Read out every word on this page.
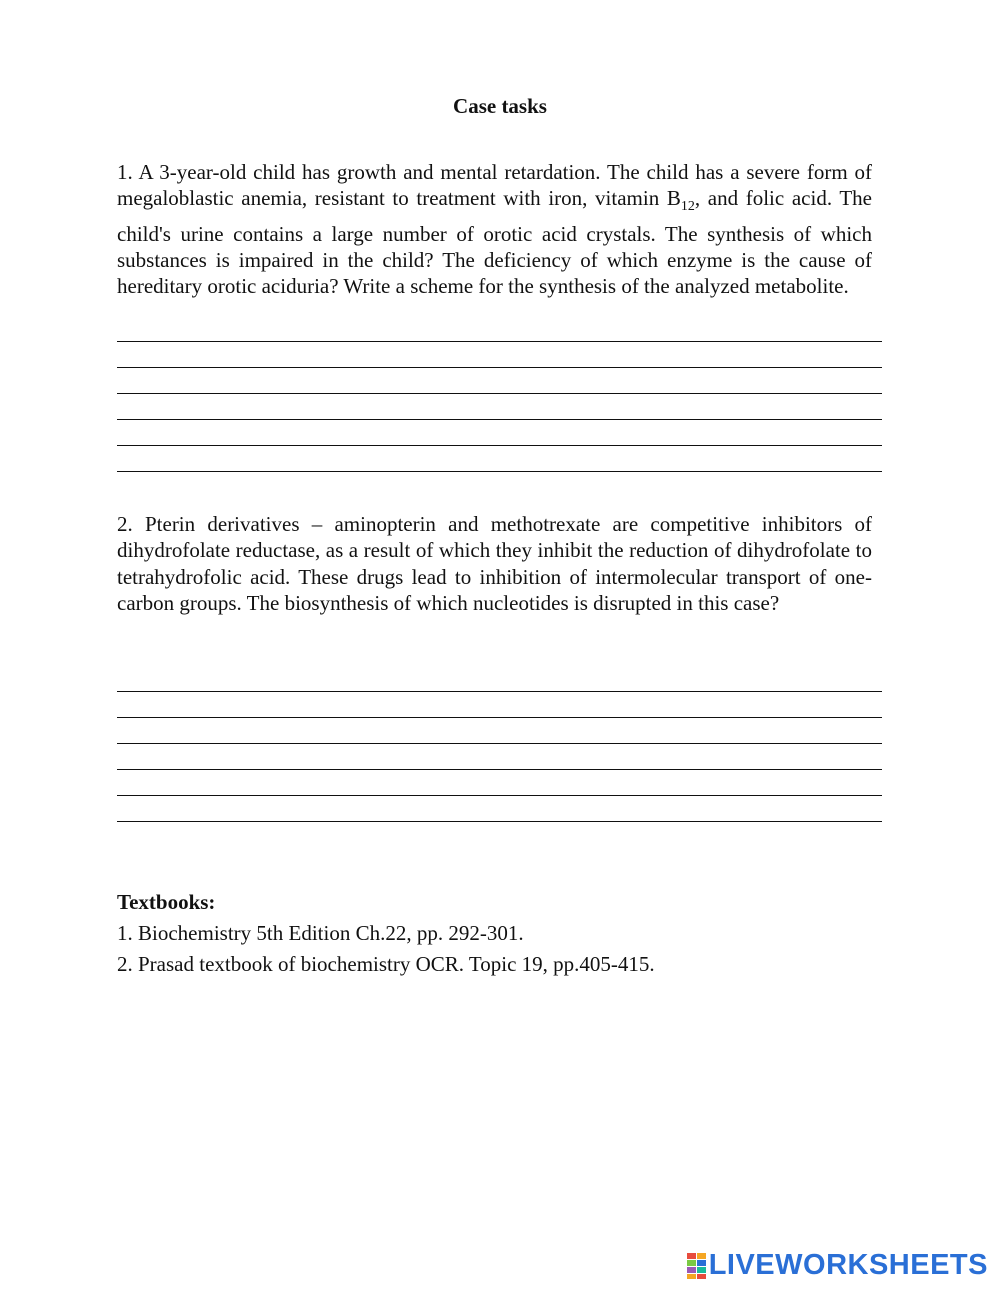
Case tasks

1. A 3-year-old child has growth and mental retardation. The child has a severe form of megaloblastic anemia, resistant to treatment with iron, vitamin $B_{12}$, and folic acid. The child's urine contains a large number of orotic acid crystals. The synthesis of which substances is impaired in the child? The deficiency of which enzyme is the cause of hereditary orotic aciduria? Write a scheme for the synthesis of the analyzed metabolite.

2. Pterin derivatives – aminopterin and methotrexate are competitive inhibitors of dihydrofolate reductase, as a result of which they inhibit the reduction of dihydrofolate to tetrahydrofolic acid. These drugs lead to inhibition of intermolecular transport of one-carbon groups. The biosynthesis of which nucleotides is disrupted in this case?

Textbooks:
1. Biochemistry 5th Edition Ch.22, pp. 292-301.
2. Prasad textbook of biochemistry OCR. Topic 19, pp.405-415.
LIVEWORKSHEETS
